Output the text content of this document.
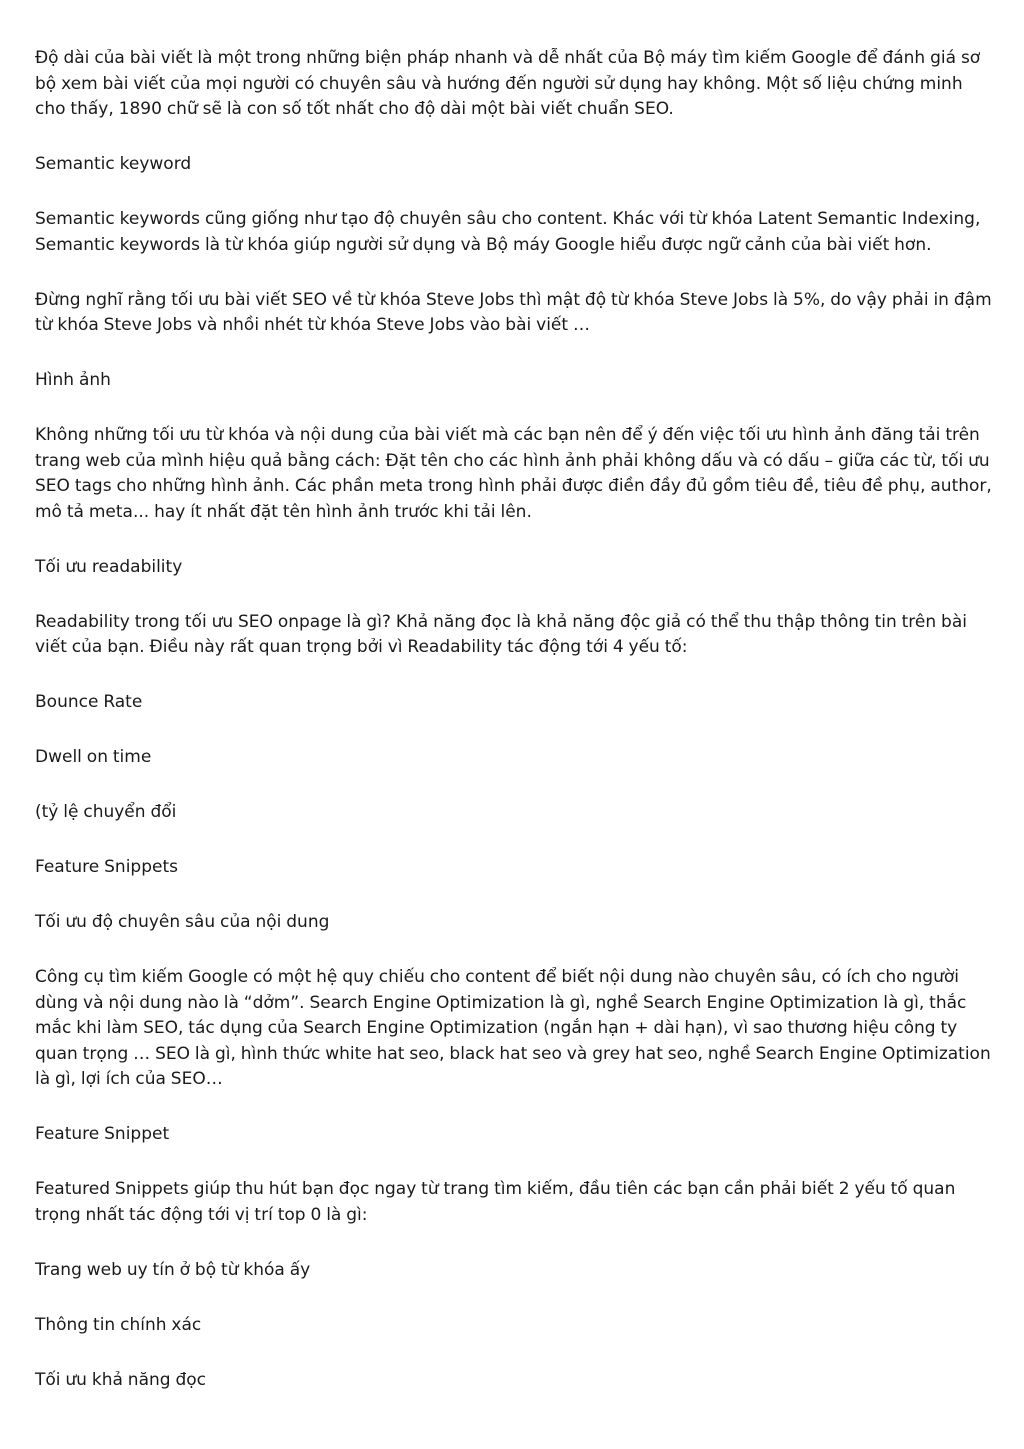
Độ dài của bài viết là một trong những biện pháp nhanh và dễ nhất của Bộ máy tìm kiếm Google để đánh giá sơ bộ xem bài viết của mọi người có chuyên sâu và hướng đến người sử dụng hay không. Một số liệu chứng minh cho thấy, 1890 chữ sẽ là con số tốt nhất cho độ dài một bài viết chuẩn SEO.

Semantic keyword

Semantic keywords cũng giống như tạo độ chuyên sâu cho content. Khác với từ khóa Latent Semantic Indexing, Semantic keywords là từ khóa giúp người sử dụng và Bộ máy Google hiểu được ngữ cảnh của bài viết hơn.

Đừng nghĩ rằng tối ưu bài viết SEO về từ khóa Steve Jobs thì mật độ từ khóa Steve Jobs là 5%, do vậy phải in đậm từ khóa Steve Jobs và nhồi nhét từ khóa Steve Jobs vào bài viết …

Hình ảnh

Không những tối ưu từ khóa và nội dung của bài viết mà các bạn nên để ý đến việc tối ưu hình ảnh đăng tải trên trang web của mình hiệu quả bằng cách: Đặt tên cho các hình ảnh phải không dấu và có dấu – giữa các từ, tối ưu SEO tags cho những hình ảnh. Các phần meta trong hình phải được điền đầy đủ gồm tiêu đề, tiêu đề phụ, author, mô tả meta... hay ít nhất đặt tên hình ảnh trước khi tải lên.

Tối ưu readability

Readability trong tối ưu SEO onpage là gì? Khả năng đọc là khả năng độc giả có thể thu thập thông tin trên bài viết của bạn. Điều này rất quan trọng bởi vì Readability tác động tới 4 yếu tố:

Bounce Rate

Dwell on time

(tỷ lệ chuyển đổi

Feature Snippets

Tối ưu độ chuyên sâu của nội dung

Công cụ tìm kiếm Google có một hệ quy chiếu cho content để biết nội dung nào chuyên sâu, có ích cho người dùng và nội dung nào là “dởm”. Search Engine Optimization là gì, nghề Search Engine Optimization là gì, thắc mắc khi làm SEO, tác dụng của Search Engine Optimization (ngắn hạn + dài hạn), vì sao thương hiệu công ty quan trọng … SEO là gì, hình thức white hat seo, black hat seo và grey hat seo, nghề Search Engine Optimization là gì, lợi ích của SEO…

Feature Snippet

Featured Snippets giúp thu hút bạn đọc ngay từ trang tìm kiếm, đầu tiên các bạn cần phải biết 2 yếu tố quan trọng nhất tác động tới vị trí top 0 là gì:

Trang web uy tín ở bộ từ khóa ấy

Thông tin chính xác

Tối ưu khả năng đọc
